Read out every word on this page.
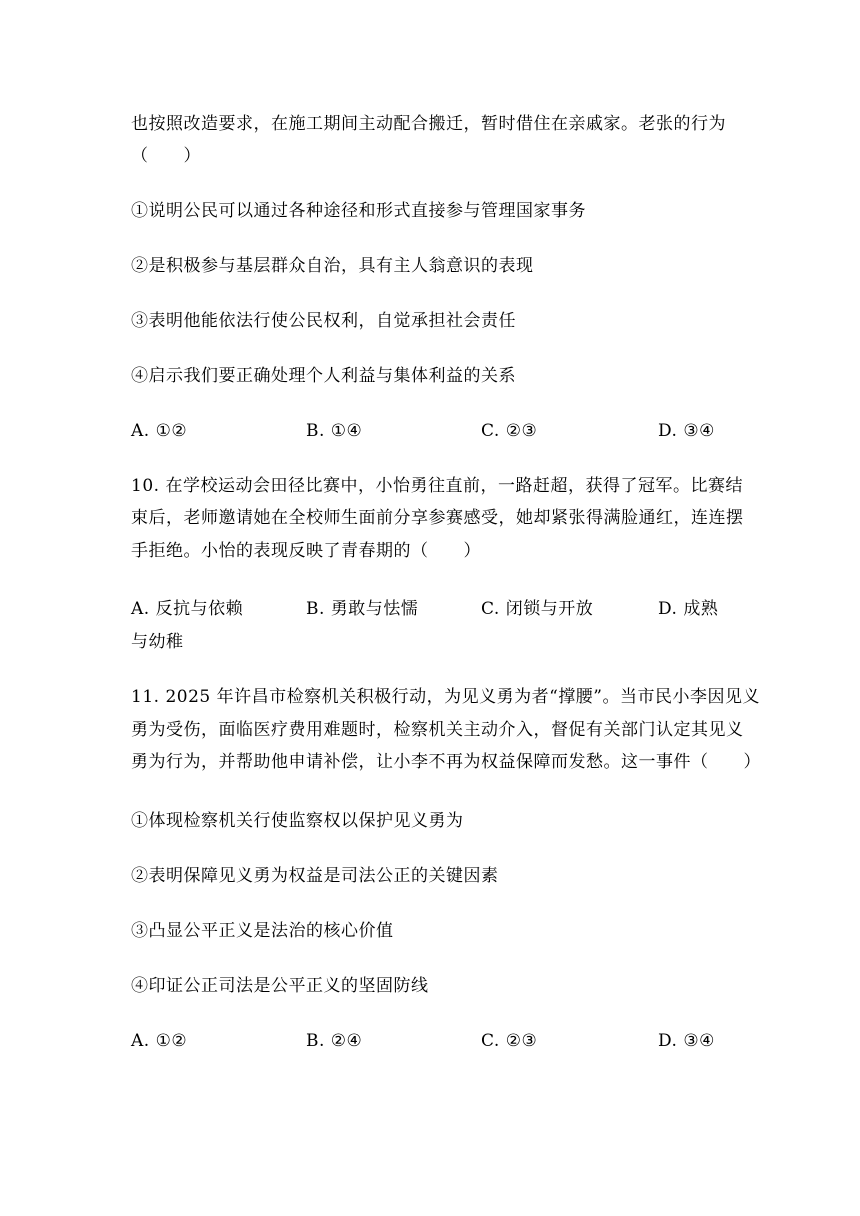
也按照改造要求，在施工期间主动配合搬迁，暂时借住在亲戚家。老张的行为
（　　）
①说明公民可以通过各种途径和形式直接参与管理国家事务
②是积极参与基层群众自治，具有主人翁意识的表现
③表明他能依法行使公民权利，自觉承担社会责任
④启示我们要正确处理个人利益与集体利益的关系
A. ①②	B. ①④	C. ②③	D. ③④
10. 在学校运动会田径比赛中，小怡勇往直前，一路赶超，获得了冠军。比赛结
束后，老师邀请她在全校师生面前分享参赛感受，她却紧张得满脸通红，连连摆
手拒绝。小怡的表现反映了青春期的（　　）
A. 反抗与依赖	B. 勇敢与怯懦	C. 闭锁与开放	D. 成熟
与幼稚
11. 2025 年许昌市检察机关积极行动，为见义勇为者“撑腰”。当市民小李因见义
勇为受伤，面临医疗费用难题时，检察机关主动介入，督促有关部门认定其见义
勇为行为，并帮助他申请补偿，让小李不再为权益保障而发愁。这一事件（　　）
①体现检察机关行使监察权以保护见义勇为
②表明保障见义勇为权益是司法公正的关键因素
③凸显公平正义是法治的核心价值
④印证公正司法是公平正义的坚固防线
A. ①②	B. ②④	C. ②③	D. ③④
